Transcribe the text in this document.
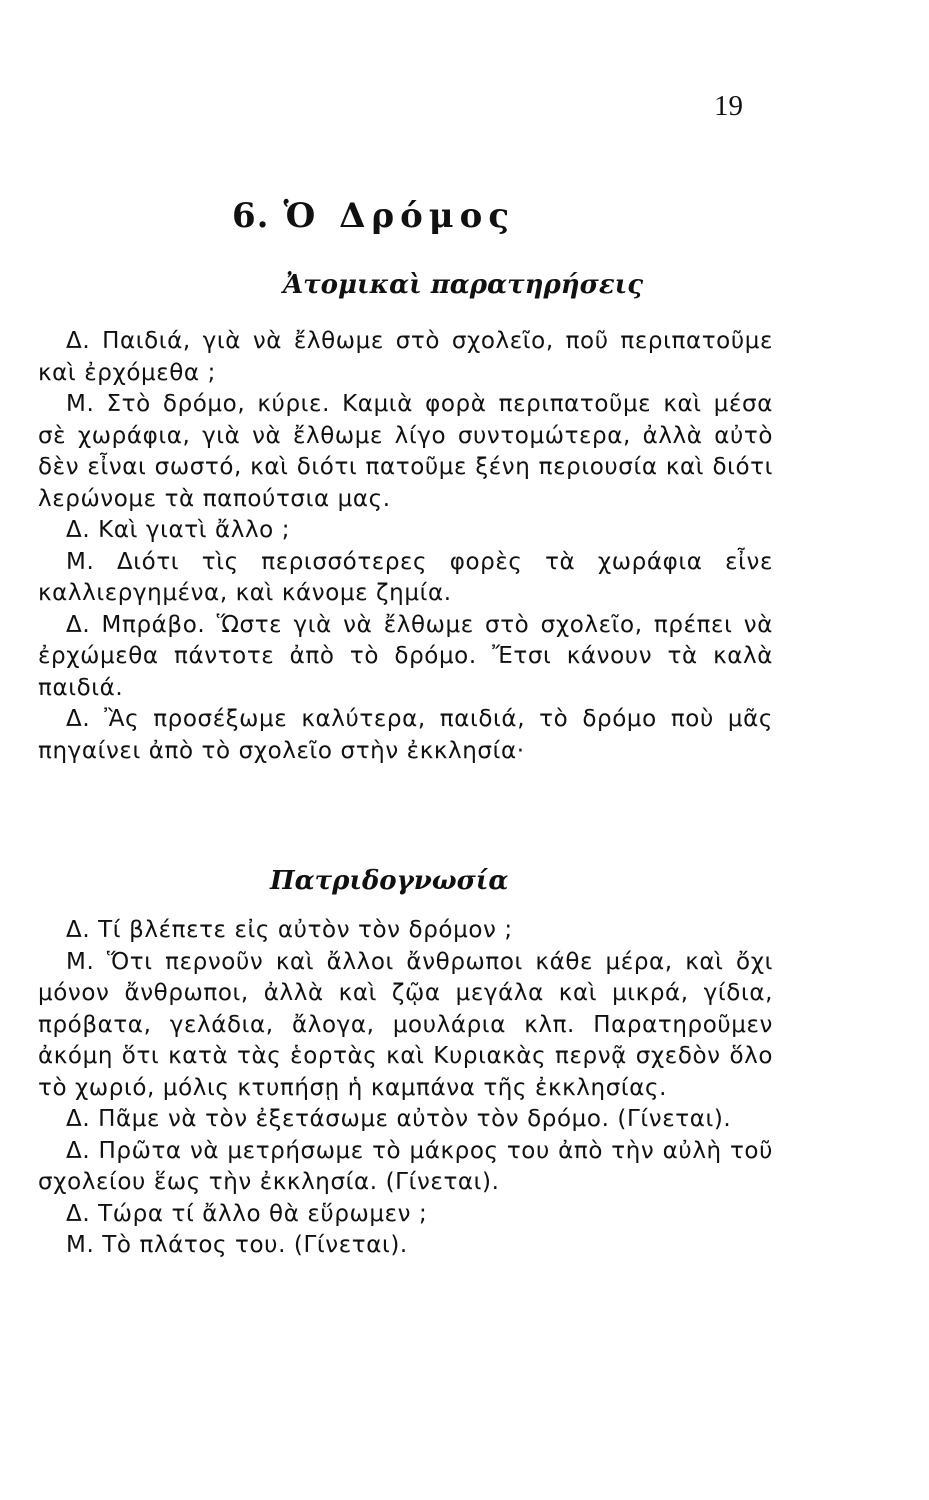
19
6. Ὁ Δρόμος
Ἀτομικαὶ παρατηρήσεις
Δ. Παιδιά, γιὰ νὰ ἔλθωμε στὸ σχολεῖο, ποῦ περιπατοῦμε καὶ ἐρχόμεθα ;
Μ. Στὸ δρόμο, κύριε. Καμιὰ φορὰ περιπατοῦμε καὶ μέσα σὲ χωράφια, γιὰ νὰ ἔλθωμε λίγο συντομώτερα, ἀλλὰ αὐτὸ δὲν εἶναι σωστό, καὶ διότι πατοῦμε ξένη περιουσία καὶ διότι λερώνομε τὰ παπούτσια μας.
Δ. Καὶ γιατὶ ἄλλο ;
Μ. Διότι τὶς περισσότερες φορὲς τὰ χωράφια εἶνε καλλιεργημένα, καὶ κάνομε ζημία.
Δ. Μπράβο. Ὥστε γιὰ νὰ ἔλθωμε στὸ σχολεῖο, πρέπει νὰ ἐρχώμεθα πάντοτε ἀπὸ τὸ δρόμο. Ἔτσι κάνουν τὰ καλὰ παιδιά.
Δ. Ἂς προσέξωμε καλύτερα, παιδιά, τὸ δρόμο ποὺ μᾶς πηγαίνει ἀπὸ τὸ σχολεῖο στὴν ἐκκλησία·
Πατριδογνωσία
Δ. Τί βλέπετε εἰς αὐτὸν τὸν δρόμον ;
Μ. Ὅτι περνοῦν καὶ ἄλλοι ἄνθρωποι κάθε μέρα, καὶ ὄχι μόνον ἄνθρωποι, ἀλλὰ καὶ ζῷα μεγάλα καὶ μικρά, γίδια, πρόβατα, γελάδια, ἄλογα, μουλάρια κλπ. Παρατηροῦμεν ἀκόμη ὅτι κατὰ τὰς ἑορτὰς καὶ Κυριακὰς περνᾷ σχεδὸν ὅλο τὸ χωριό, μόλις κτυπήσῃ ἡ καμπάνα τῆς ἐκκλησίας.
Δ. Πᾶμε νὰ τὸν ἐξετάσωμε αὐτὸν τὸν δρόμο. (Γίνεται).
Δ. Πρῶτα νὰ μετρήσωμε τὸ μάκρος του ἀπὸ τὴν αὐλὴ τοῦ σχολείου ἕως τὴν ἐκκλησία. (Γίνεται).
Δ. Τώρα τί ἄλλο θὰ εὕρωμεν ;
Μ. Τὸ πλάτος του. (Γίνεται).
